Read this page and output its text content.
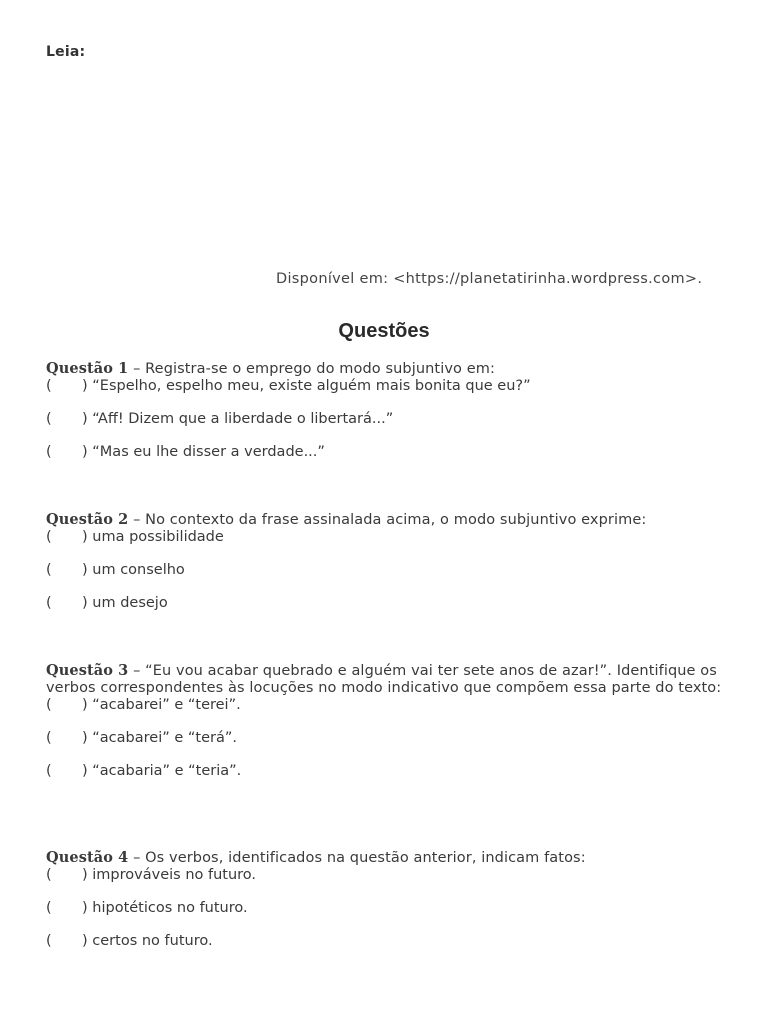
Leia:
Disponível em: <https://planetatirinha.wordpress.com>.
Questões
Questão 1 – Registra-se o emprego do modo subjuntivo em:
( ) “Espelho, espelho meu, existe alguém mais bonita que eu?”
( ) “Aff! Dizem que a liberdade o libertará...”
( ) “Mas eu lhe disser a verdade...”
Questão 2 – No contexto da frase assinalada acima, o modo subjuntivo exprime:
( ) uma possibilidade
( ) um conselho
( ) um desejo
Questão 3 – “Eu vou acabar quebrado e alguém vai ter sete anos de azar!”. Identifique os verbos correspondentes às locuções no modo indicativo que compõem essa parte do texto:
( ) “acabarei” e “terei”.
( ) “acabarei” e “terá”.
( ) “acabaria” e “teria”.
Questão 4 – Os verbos, identificados na questão anterior, indicam fatos:
( ) improváveis no futuro.
( ) hipotéticos no futuro.
( ) certos no futuro.
